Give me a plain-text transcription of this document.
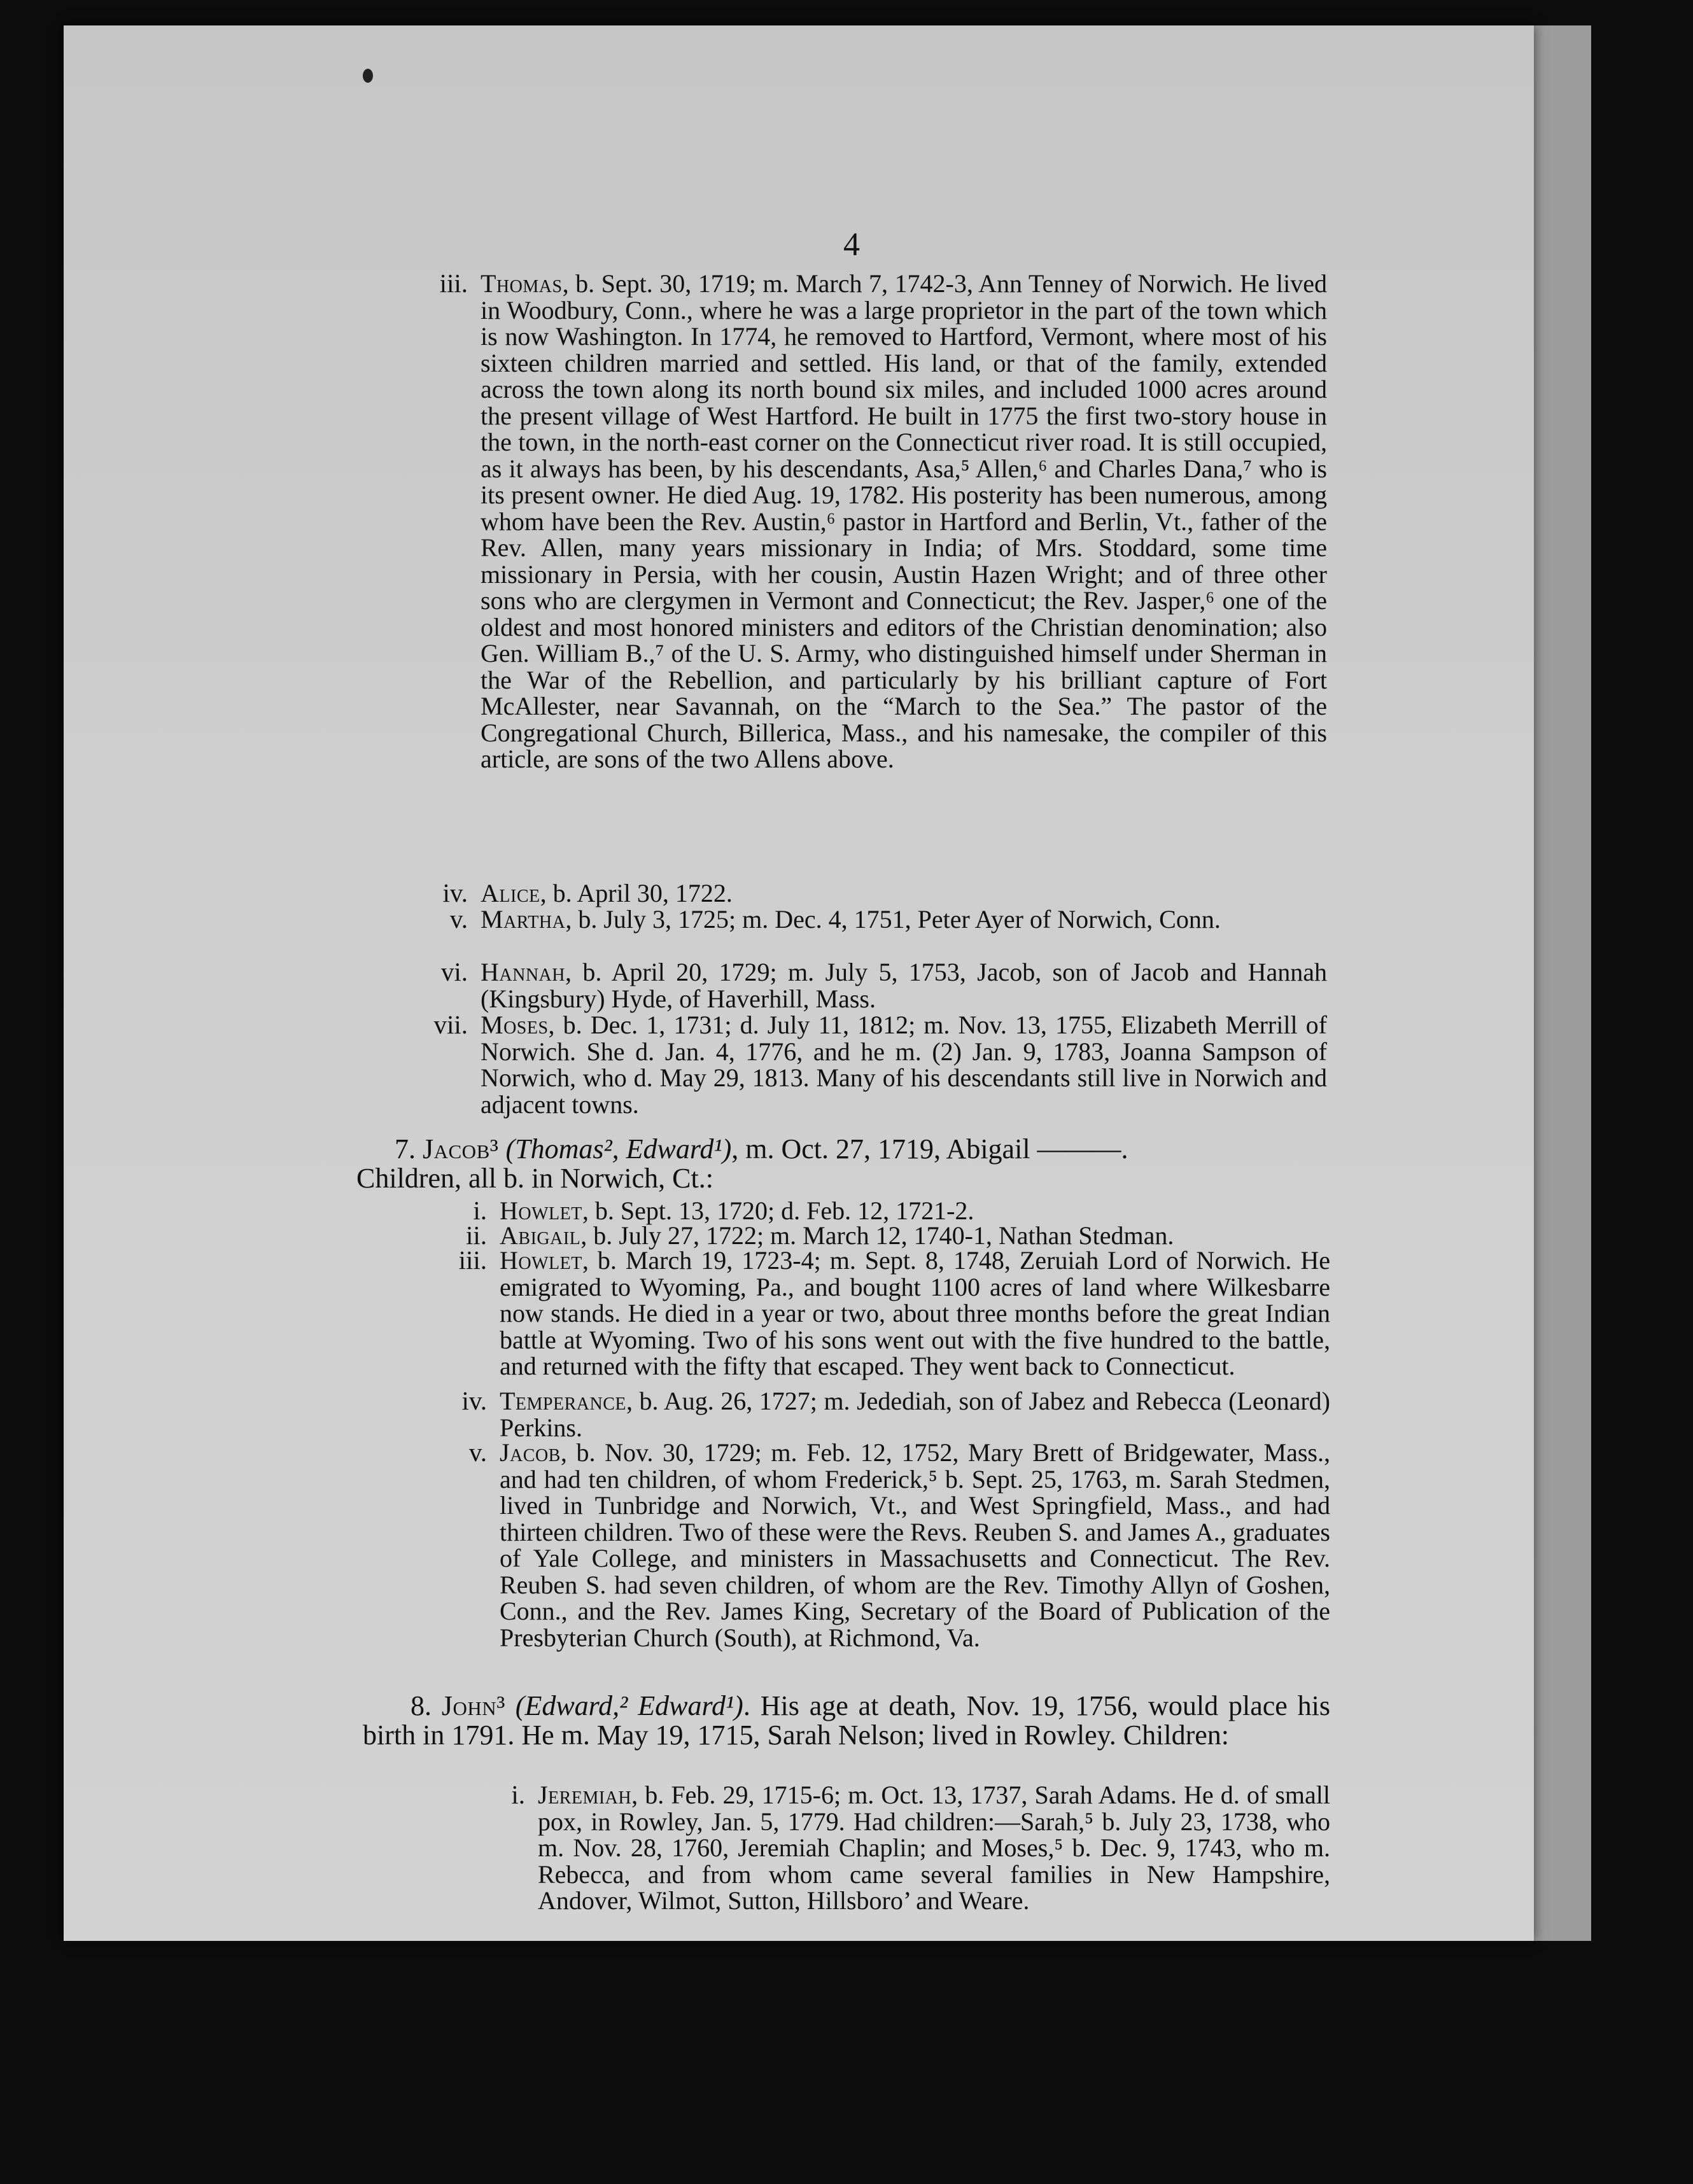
4

iii. Thomas, b. Sept. 30, 1719; m. March 7, 1742-3, Ann Tenney of Norwich. He lived in Woodbury, Conn., where he was a large proprietor in the part of the town which is now Washington. In 1774, he removed to Hartford, Vermont, where most of his sixteen children married and settled. His land, or that of the family, extended across the town along its north bound six miles, and included 1000 acres around the present village of West Hartford. He built in 1775 the first two-story house in the town, in the north-east corner on the Connecticut river road. It is still occupied, as it always has been, by his descendants, Asa,⁵ Allen,⁶ and Charles Dana,⁷ who is its present owner. He died Aug. 19, 1782. His posterity has been numerous, among whom have been the Rev. Austin,⁶ pastor in Hartford and Berlin, Vt., father of the Rev. Allen, many years missionary in India; of Mrs. Stoddard, some time missionary in Persia, with her cousin, Austin Hazen Wright; and of three other sons who are clergymen in Vermont and Connecticut; the Rev. Jasper,⁶ one of the oldest and most honored ministers and editors of the Christian denomination; also Gen. William B.,⁷ of the U. S. Army, who distinguished himself under Sherman in the War of the Rebellion, and particularly by his brilliant capture of Fort McAllester, near Savannah, on the “March to the Sea.” The pastor of the Congregational Church, Billerica, Mass., and his namesake, the compiler of this article, are sons of the two Allens above.

iv. Alice, b. April 30, 1722.

v. Martha, b. July 3, 1725; m. Dec. 4, 1751, Peter Ayer of Norwich, Conn.

vi. Hannah, b. April 20, 1729; m. July 5, 1753, Jacob, son of Jacob and Hannah (Kingsbury) Hyde, of Haverhill, Mass.

vii. Moses, b. Dec. 1, 1731; d. July 11, 1812; m. Nov. 13, 1755, Elizabeth Merrill of Norwich. She d. Jan. 4, 1776, and he m. (2) Jan. 9, 1783, Joanna Sampson of Norwich, who d. May 29, 1813. Many of his descendants still live in Norwich and adjacent towns.

7. Jacob³ (Thomas², Edward¹), m. Oct. 27, 1719, Abigail ———.

Children, all b. in Norwich, Ct.:

i. Howlet, b. Sept. 13, 1720; d. Feb. 12, 1721-2.

ii. Abigail, b. July 27, 1722; m. March 12, 1740-1, Nathan Stedman.

iii. Howlet, b. March 19, 1723-4; m. Sept. 8, 1748, Zeruiah Lord of Norwich. He emigrated to Wyoming, Pa., and bought 1100 acres of land where Wilkesbarre now stands. He died in a year or two, about three months before the great Indian battle at Wyoming. Two of his sons went out with the five hundred to the battle, and returned with the fifty that escaped. They went back to Connecticut.

iv. Temperance, b. Aug. 26, 1727; m. Jedediah, son of Jabez and Rebecca (Leonard) Perkins.

v. Jacob, b. Nov. 30, 1729; m. Feb. 12, 1752, Mary Brett of Bridgewater, Mass., and had ten children, of whom Frederick,⁵ b. Sept. 25, 1763, m. Sarah Stedmen, lived in Tunbridge and Norwich, Vt., and West Springfield, Mass., and had thirteen children. Two of these were the Revs. Reuben S. and James A., graduates of Yale College, and ministers in Massachusetts and Connecticut. The Rev. Reuben S. had seven children, of whom are the Rev. Timothy Allyn of Goshen, Conn., and the Rev. James King, Secretary of the Board of Publication of the Presbyterian Church (South), at Richmond, Va.

8. John³ (Edward,² Edward¹). His age at death, Nov. 19, 1756, would place his birth in 1791. He m. May 19, 1715, Sarah Nelson; lived in Rowley. Children:

i. Jeremiah, b. Feb. 29, 1715-6; m. Oct. 13, 1737, Sarah Adams. He d. of small pox, in Rowley, Jan. 5, 1779. Had children:—Sarah,⁵ b. July 23, 1738, who m. Nov. 28, 1760, Jeremiah Chaplin; and Moses,⁵ b. Dec. 9, 1743, who m. Rebecca, and from whom came several families in New Hampshire, Andover, Wilmot, Sutton, Hillsboro’ and Weare.
